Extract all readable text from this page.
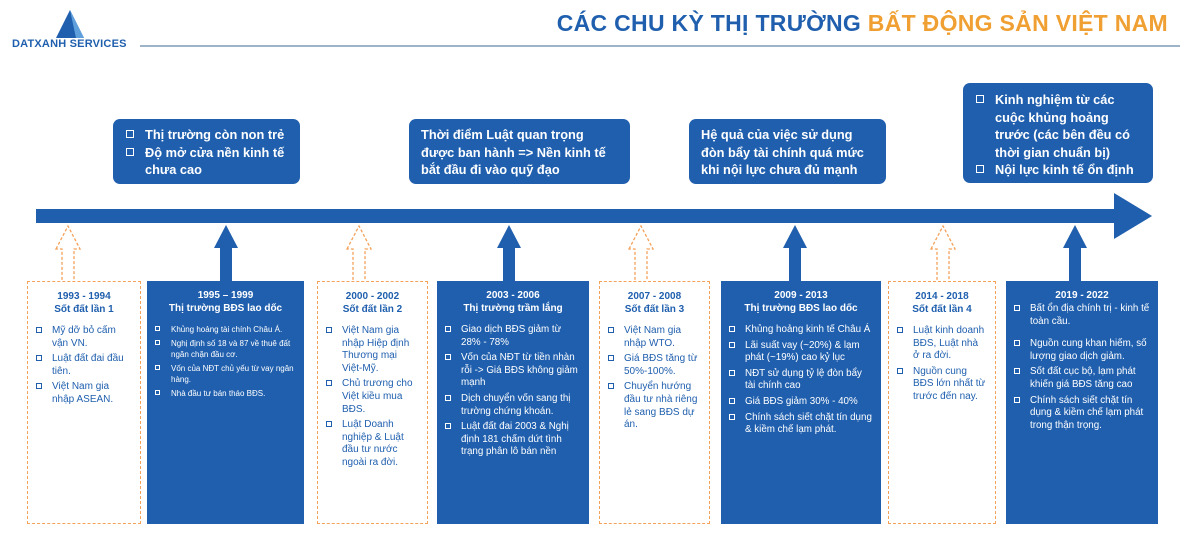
DATXANH SERVICES
CÁC CHU KỲ THỊ TRƯỜNG BẤT ĐỘNG SẢN VIỆT NAM
Thị trường còn non trẻ
Độ mở cửa nền kinh tế chưa cao
Thời điểm Luật quan trọng được ban hành => Nền kinh tế bắt đầu đi vào quỹ đạo
Hệ quả của việc sử dụng đòn bẩy tài chính quá mức khi nội lực chưa đủ mạnh
Kinh nghiệm từ các cuộc khủng hoảng trước (các bên đều có thời gian chuẩn bị)
Nội lực kinh tế ổn định
1993 - 1994
Sốt đất lần 1
Mỹ dỡ bỏ cấm vận VN.
Luật đất đai đầu tiên.
Việt Nam gia nhập ASEAN.
1995 – 1999
Thị trường BĐS lao dốc
Khủng hoảng tài chính Châu Á.
Nghị định số 18 và 87 về thuê đất ngăn chặn đầu cơ.
Vốn của NĐT chủ yếu từ vay ngân hàng.
Nhà đầu tư bán tháo BĐS.
2000 - 2002
Sốt đất lần 2
Việt Nam gia nhập Hiệp định Thương mại Việt-Mỹ.
Chủ trương cho Việt kiều mua BĐS.
Luật Doanh nghiệp & Luật đầu tư nước ngoài ra đời.
2003 - 2006
Thị trường trầm lắng
Giao dịch BĐS giảm từ 28% - 78%
Vốn của NĐT từ tiền nhàn rỗi -> Giá BĐS không giảm mạnh
Dịch chuyển vốn sang thị trường chứng khoán.
Luật đất đai 2003 & Nghị định 181 chấm dứt tình trạng phân lô bán nền
2007 - 2008
Sốt đất lần 3
Việt Nam gia nhập WTO.
Giá BĐS tăng từ 50%-100%.
Chuyển hướng đầu tư nhà riêng lẻ sang BĐS dự án.
2009 - 2013
Thị trường BĐS lao dốc
Khủng hoảng kinh tế Châu Á
Lãi suất vay (~20%) & lạm phát (~19%) cao kỷ lục
NĐT sử dụng tỷ lệ đòn bẩy tài chính cao
Giá BĐS giảm 30% - 40%
Chính sách siết chặt tín dụng & kiềm chế lạm phát.
2014 - 2018
Sốt đất lần 4
Luật kinh doanh BĐS, Luật nhà ở ra đời.
Nguồn cung BĐS lớn nhất từ trước đến nay.
2019 - 2022
Bất ổn địa chính trị - kinh tế toàn cầu.
Nguồn cung khan hiếm, số lượng giao dịch giảm.
Sốt đất cục bộ, lạm phát khiến giá BĐS tăng cao
Chính sách siết chặt tín dụng & kiềm chế lạm phát trong thận trọng.
